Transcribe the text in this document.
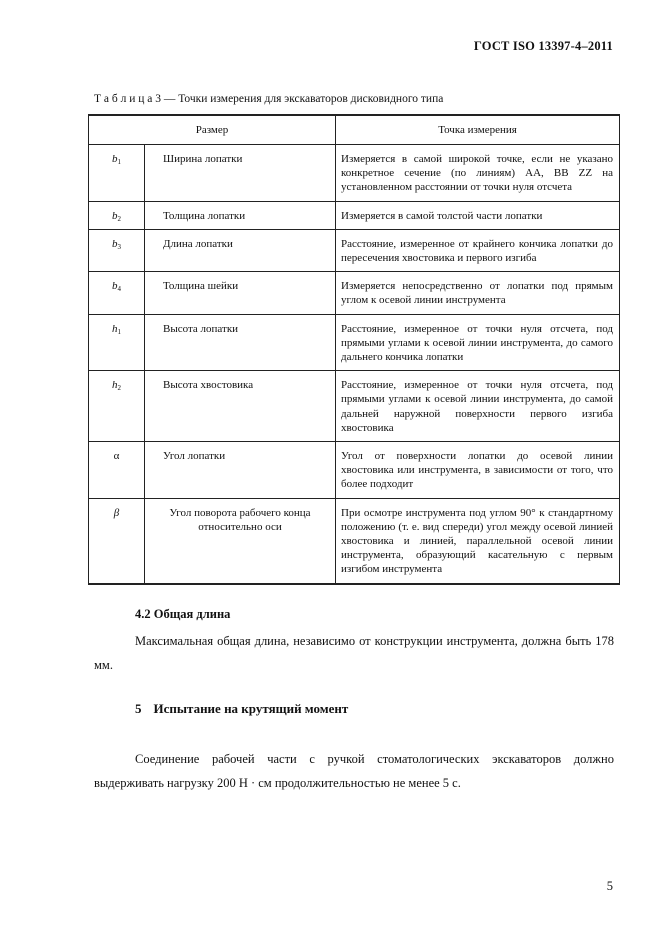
ГОСТ ISO 13397-4–2011
Т а б л и ц а 3 — Точки измерения для экскаваторов дисковидного типа
Размер		Точка измерения
$b_1$	Ширина лопатки	Измеряется в самой широкой точке, если не указано конкретное сечение (по линиям) АА, ВВ ZZ на установленном расстоянии от точки нуля отсчета
$b_2$	Толщина лопатки	Измеряется в самой толстой части лопатки
$b_3$	Длина лопатки	Расстояние, измеренное от крайнего кончика лопатки до пересечения хвостовика и первого изгиба
$b_4$	Толщина шейки	Измеряется непосредственно от лопатки под прямым углом к осевой линии инструмента
$h_1$	Высота лопатки	Расстояние, измеренное от точки нуля отсчета, под прямыми углами к осевой линии инструмента, до самого дальнего кончика лопатки
$h_2$	Высота хвостовика	Расстояние, измеренное от точки нуля отсчета, под прямыми углами к осевой линии инструмента, до самой дальней наружной поверхности первого изгиба хвостовика
α	Угол лопатки	Угол от поверхности лопатки до осевой линии хвостовика или инструмента, в зависимости от того, что более подходит
β	Угол поворота рабочего конца относительно оси	При осмотре инструмента под углом 90° к стандартному положению (т. е. вид спереди) угол между осевой линией хвостовика и линией, параллельной осевой линии инструмента, образующий касательную с первым изгибом инструмента
4.2 Общая длина
Максимальная общая длина, независимо от конструкции инструмента, должна быть 178 мм.
5 Испытание на крутящий момент
Соединение рабочей части с ручкой стоматологических экскаваторов должно выдерживать нагрузку 200 Н · см продолжительностью не менее 5 с.
5
